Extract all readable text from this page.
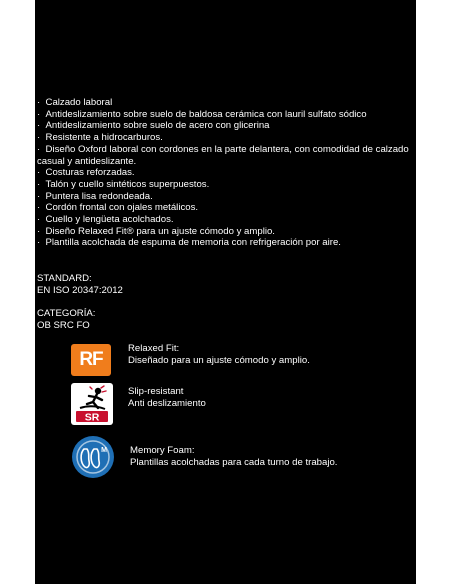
·  Calzado laboral
·  Antideslizamiento sobre suelo de baldosa cerámica con lauril sulfato sódico
·  Antideslizamiento sobre suelo de acero con glicerina
·  Resistente a hidrocarburos.
·  Diseño Oxford laboral con cordones en la parte delantera, con comodidad de calzado casual y antideslizante.
·  Costuras reforzadas.
·  Talón y cuello sintéticos superpuestos.
·  Puntera lisa redondeada.
·  Cordón frontal con ojales metálicos.
·  Cuello y lengüeta acolchados.
·  Diseño Relaxed Fit® para un ajuste cómodo y amplio.
·  Plantilla acolchada de espuma de memoria con refrigeración por aire.
STANDARD:
EN ISO 20347:2012
CATEGORÍA:
OB SRC FO
RF
Relaxed Fit:
Diseñado para un ajuste cómodo y amplio.
SR
Slip-resistant
Anti deslizamiento
M Memory Foam:
Plantillas acolchadas para cada turno de trabajo.
